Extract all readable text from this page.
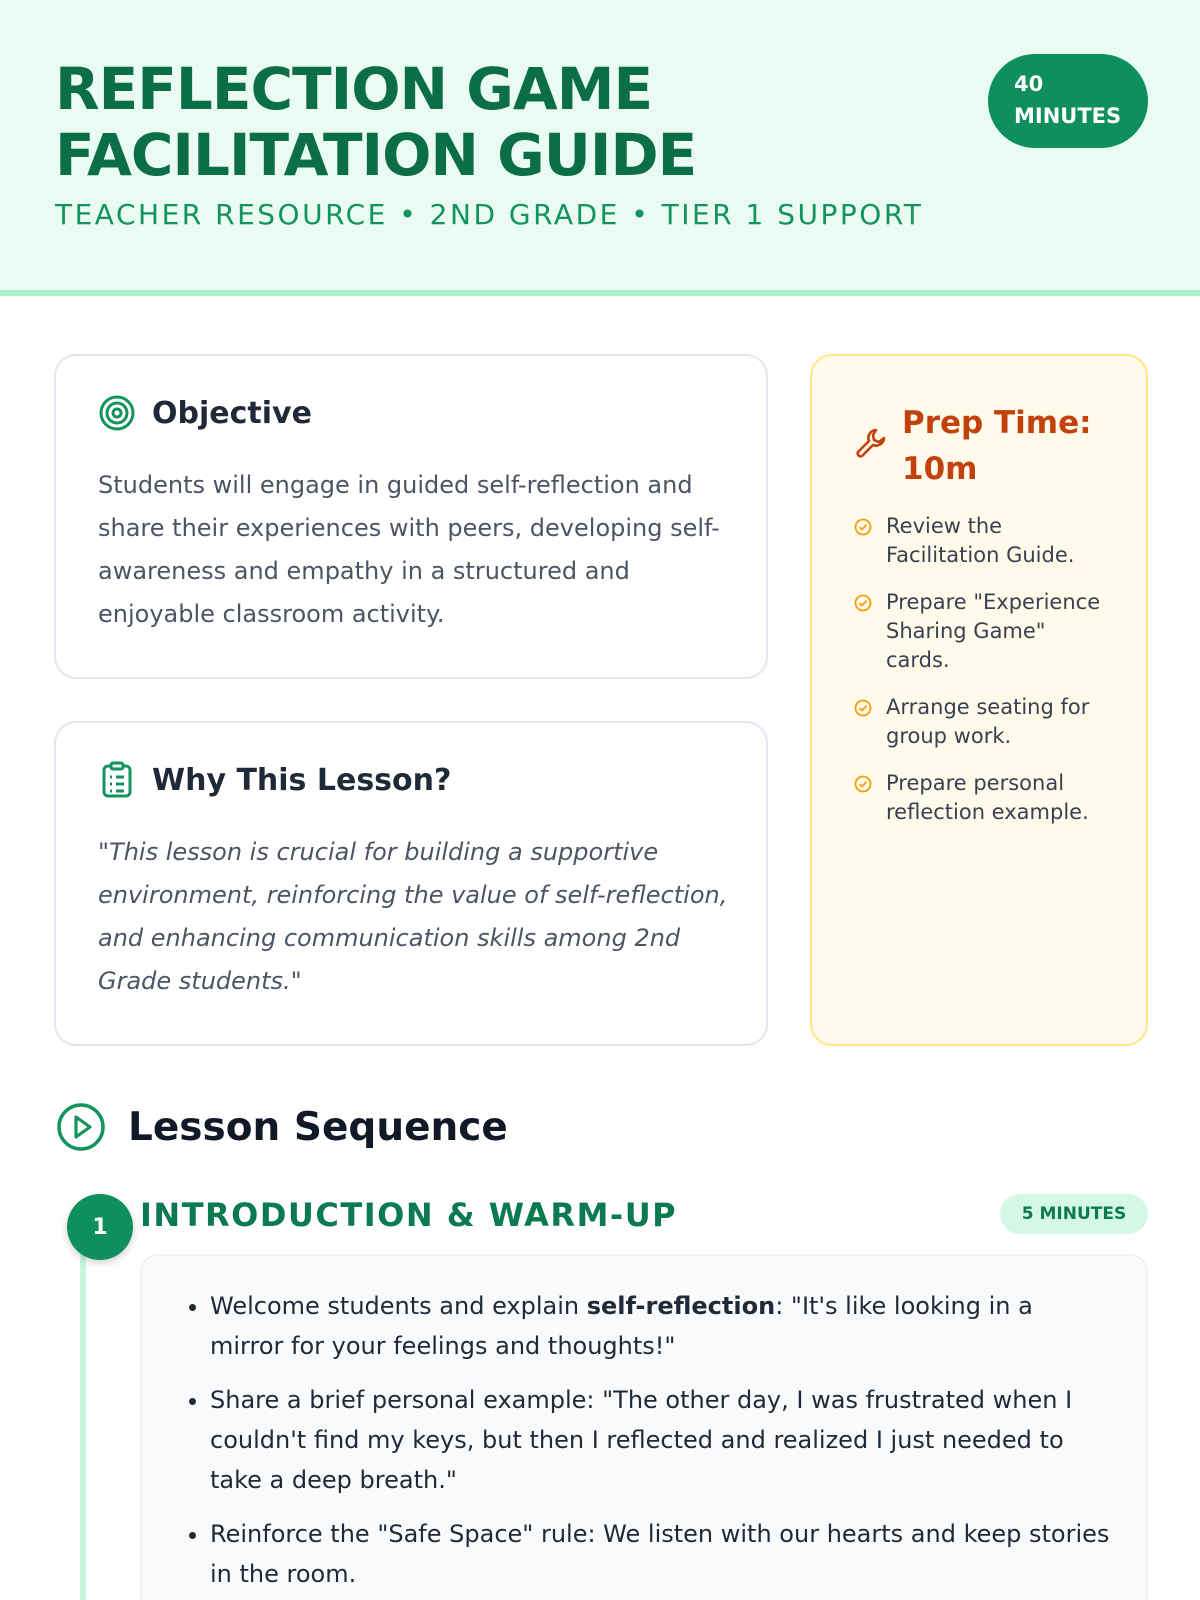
REFLECTION GAME FACILITATION GUIDE
TEACHER RESOURCE • 2ND GRADE • TIER 1 SUPPORT
40
MINUTES
Objective

Students will engage in guided self-reflection and share their experiences with peers, developing self-awareness and empathy in a structured and enjoyable classroom activity.

Why This Lesson?

"This lesson is crucial for building a supportive environment, reinforcing the value of self-reflection, and enhancing communication skills among 2nd Grade students."

Prep Time: 10m
Review the Facilitation Guide.
Prepare "Experience Sharing Game" cards.
Arrange seating for group work.
Prepare personal reflection example.
Lesson Sequence
1	INTRODUCTION & WARM-UP	5 MINUTES
• Welcome students and explain self-reflection: "It's like looking in a mirror for your feelings and thoughts!"
• Share a brief personal example: "The other day, I was frustrated when I couldn't find my keys, but then I reflected and realized I just needed to take a deep breath."
• Reinforce the "Safe Space" rule: We listen with our hearts and keep stories in the room.
